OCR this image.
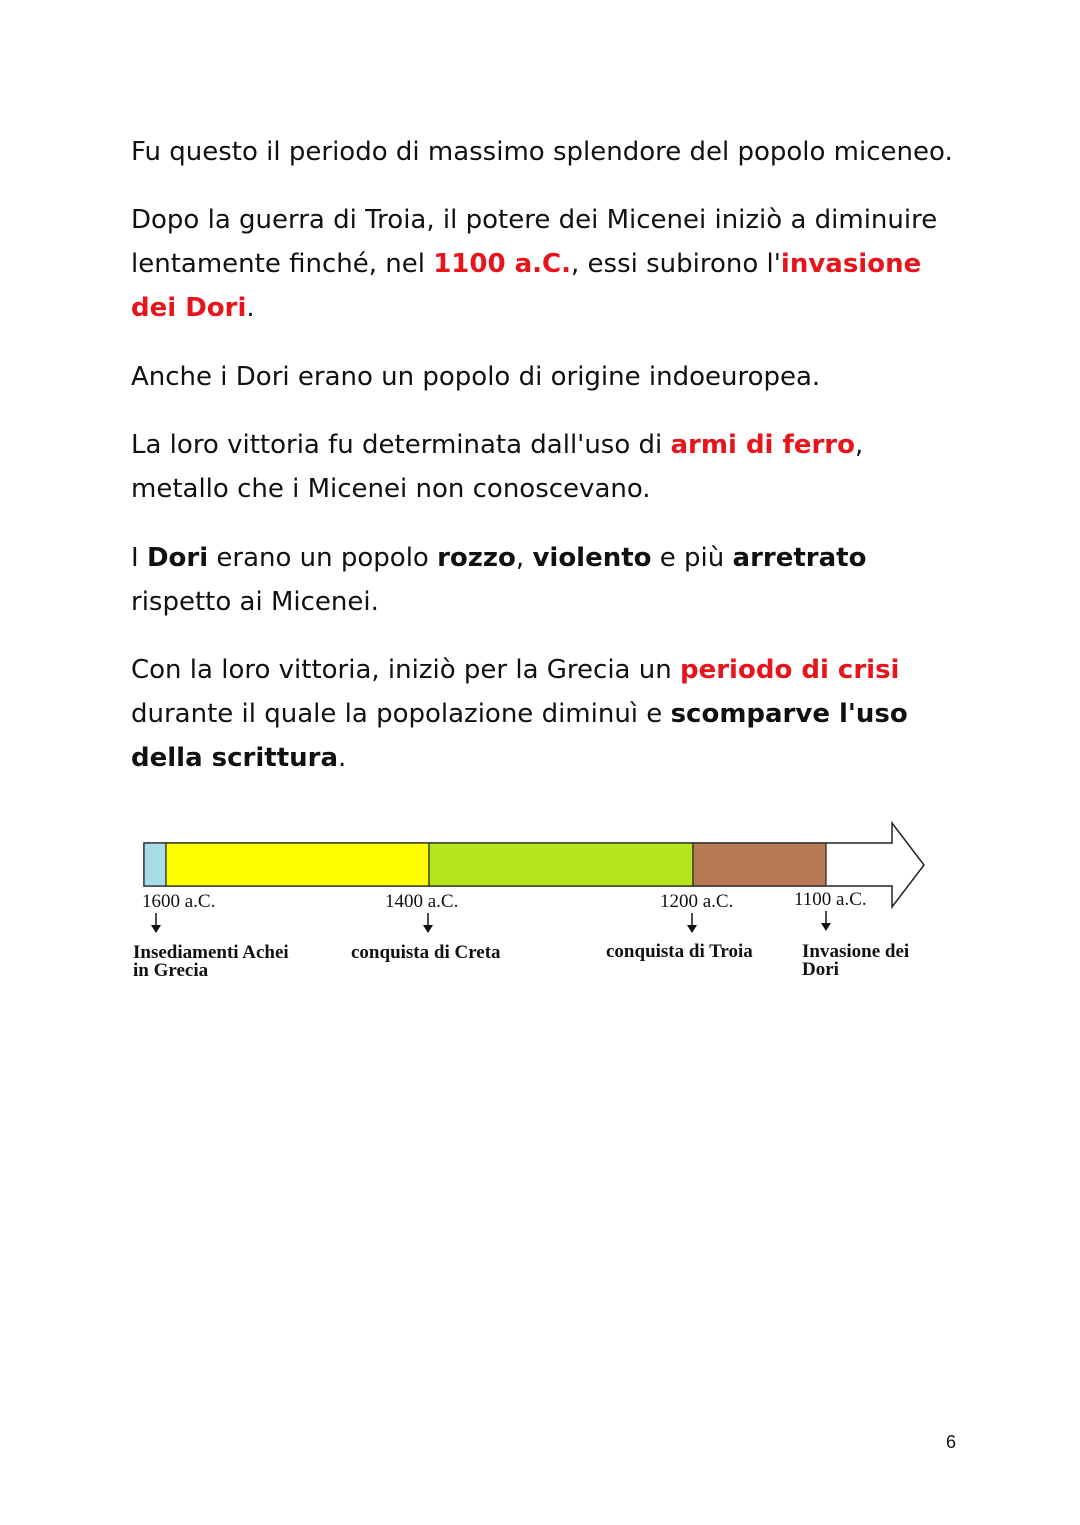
Fu questo il periodo di massimo splendore del popolo miceneo.

Dopo la guerra di Troia, il potere dei Micenei iniziò a diminuire lentamente finché, nel 1100 a.C., essi subirono l'invasione dei Dori.

Anche i Dori erano un popolo di origine indoeuropea.

La loro vittoria fu determinata dall'uso di armi di ferro, metallo che i Micenei non conoscevano.

I Dori erano un popolo rozzo, violento e più arretrato rispetto ai Micenei.

Con la loro vittoria, iniziò per la Grecia un periodo di crisi durante il quale la popolazione diminuì e scomparve l'uso della scrittura.

1600 a.C.
Insediamenti Achei
in Grecia
1400 a.C.
conquista di Creta
1200 a.C.
conquista di Troia
1100 a.C.
Invasione dei
Dori
6
